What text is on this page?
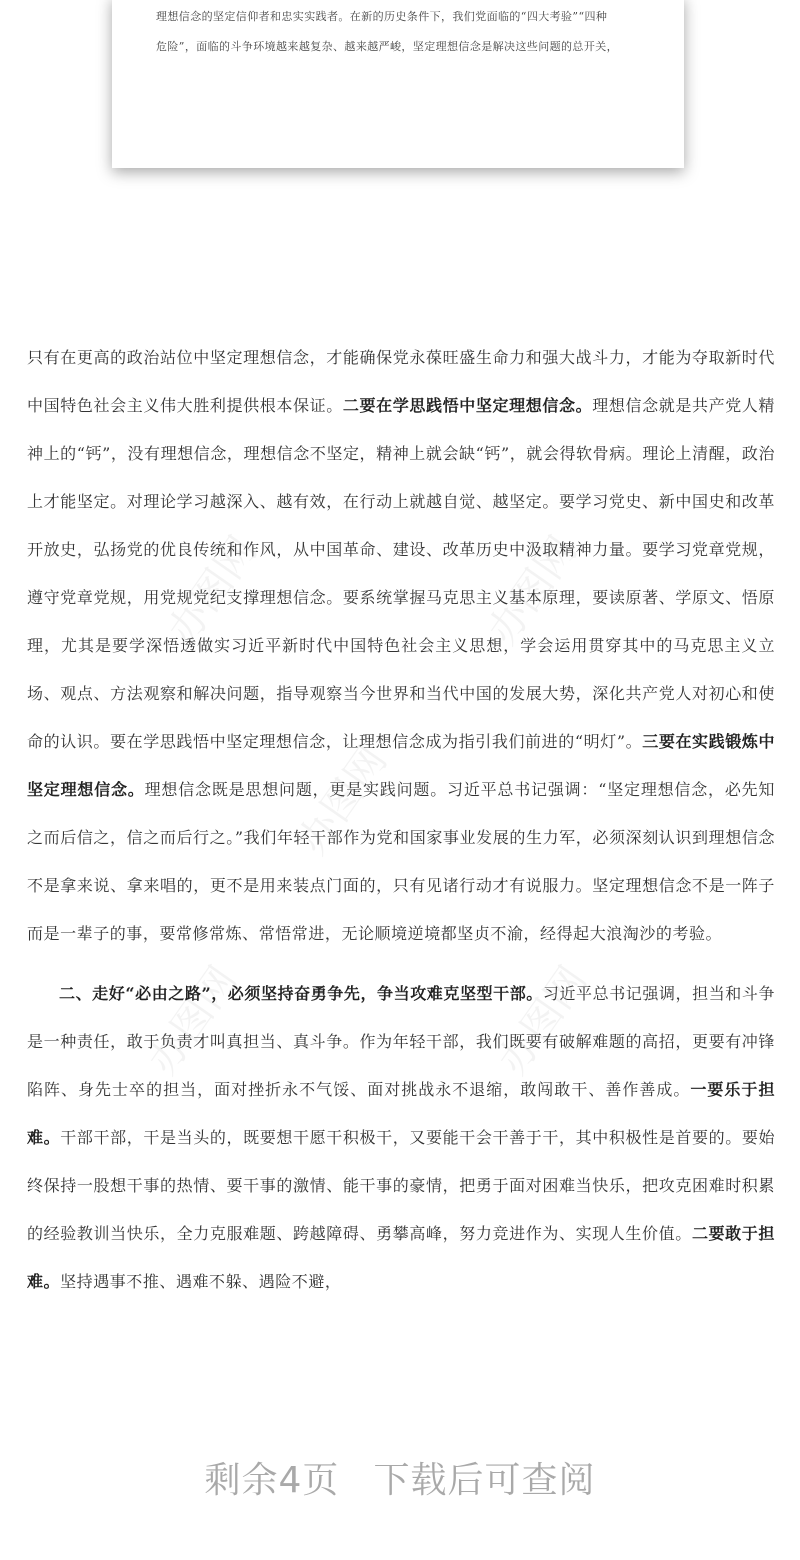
理想信念的坚定信仰者和忠实实践者。在新的历史条件下，我们党面临的“四大考验”“四种

危险”，面临的斗争环境越来越复杂、越来越严峻，坚定理想信念是解决这些问题的总开关，

办图网	办图网
办图网
办图网	办图网

只有在更高的政治站位中坚定理想信念，才能确保党永葆旺盛生命力和强大战斗力，才能为夺取新时代中国特色社会主义伟大胜利提供根本保证。二要在学思践悟中坚定理想信念。理想信念就是共产党人精神上的“钙”，没有理想信念，理想信念不坚定，精神上就会缺“钙”，就会得软骨病。理论上清醒，政治上才能坚定。对理论学习越深入、越有效，在行动上就越自觉、越坚定。要学习党史、新中国史和改革开放史，弘扬党的优良传统和作风，从中国革命、建设、改革历史中汲取精神力量。要学习党章党规，遵守党章党规，用党规党纪支撑理想信念。要系统掌握马克思主义基本原理，要读原著、学原文、悟原理，尤其是要学深悟透做实习近平新时代中国特色社会主义思想，学会运用贯穿其中的马克思主义立场、观点、方法观察和解决问题，指导观察当今世界和当代中国的发展大势，深化共产党人对初心和使命的认识。要在学思践悟中坚定理想信念，让理想信念成为指引我们前进的“明灯”。三要在实践锻炼中坚定理想信念。理想信念既是思想问题，更是实践问题。习近平总书记强调：“坚定理想信念，必先知之而后信之，信之而后行之。”我们年轻干部作为党和国家事业发展的生力军，必须深刻认识到理想信念不是拿来说、拿来唱的，更不是用来装点门面的，只有见诸行动才有说服力。坚定理想信念不是一阵子而是一辈子的事，要常修常炼、常悟常进，无论顺境逆境都坚贞不渝，经得起大浪淘沙的考验。

二、走好“必由之路”，必须坚持奋勇争先，争当攻难克坚型干部。习近平总书记强调，担当和斗争是一种责任，敢于负责才叫真担当、真斗争。作为年轻干部，我们既要有破解难题的高招，更要有冲锋陷阵、身先士卒的担当，面对挫折永不气馁、面对挑战永不退缩，敢闯敢干、善作善成。一要乐于担难。干部干部，干是当头的，既要想干愿干积极干，又要能干会干善于干，其中积极性是首要的。要始终保持一股想干事的热情、要干事的激情、能干事的豪情，把勇于面对困难当快乐，把攻克困难时积累的经验教训当快乐，全力克服难题、跨越障碍、勇攀高峰，努力竞进作为、实现人生价值。二要敢于担难。坚持遇事不推、遇难不躲、遇险不避，

剩余4页 下载后可查阅
